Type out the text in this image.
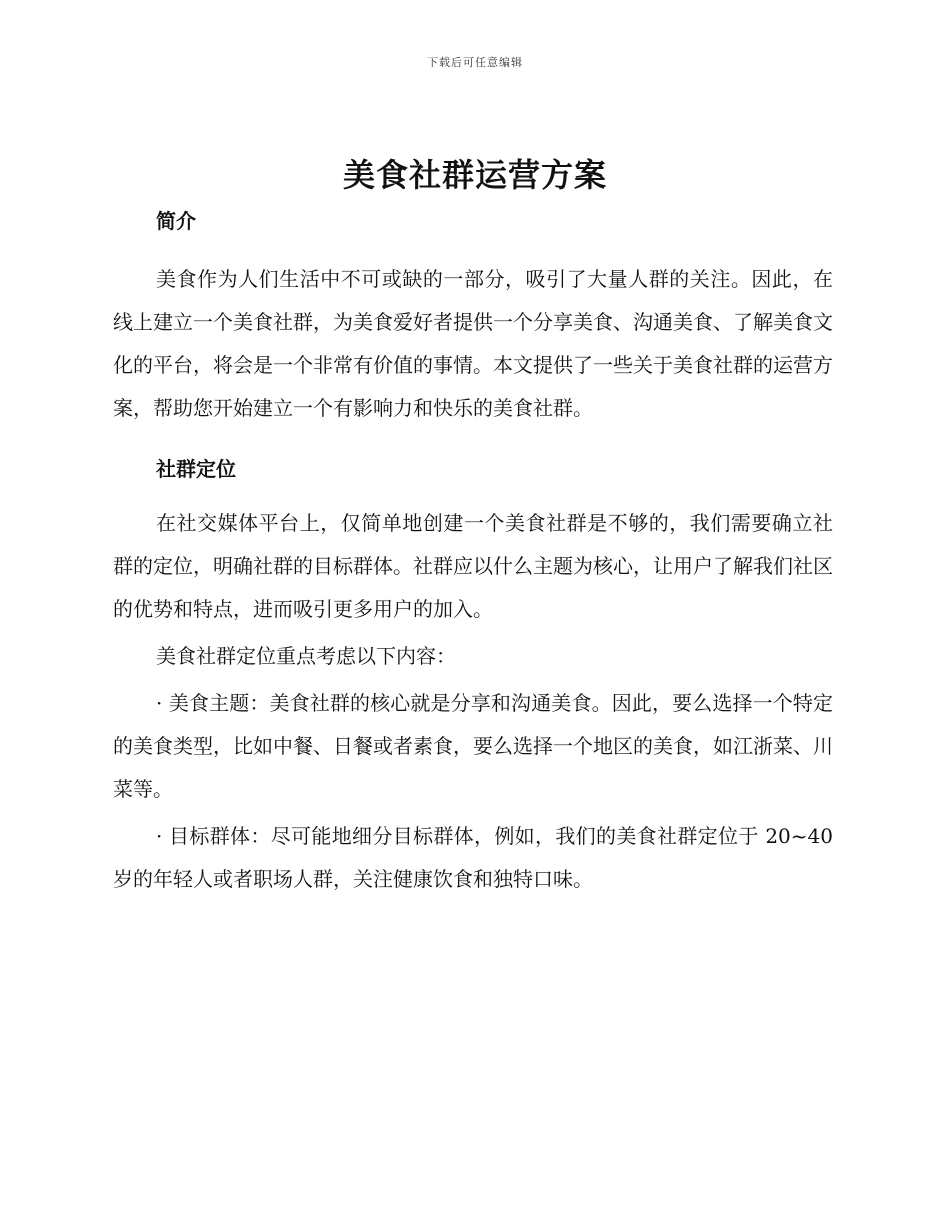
下载后可任意编辑
美食社群运营方案
简介

美食作为人们生活中不可或缺的一部分，吸引了大量人群的关注。因此，在线上建立一个美食社群，为美食爱好者提供一个分享美食、沟通美食、了解美食文化的平台，将会是一个非常有价值的事情。本文提供了一些关于美食社群的运营方案，帮助您开始建立一个有影响力和快乐的美食社群。

社群定位

在社交媒体平台上，仅简单地创建一个美食社群是不够的，我们需要确立社群的定位，明确社群的目标群体。社群应以什么主题为核心，让用户了解我们社区的优势和特点，进而吸引更多用户的加入。

美食社群定位重点考虑以下内容：

· 美食主题：美食社群的核心就是分享和沟通美食。因此，要么选择一个特定的美食类型，比如中餐、日餐或者素食，要么选择一个地区的美食，如江浙菜、川菜等。

· 目标群体：尽可能地细分目标群体，例如，我们的美食社群定位于 20~40 岁的年轻人或者职场人群，关注健康饮食和独特口味。
